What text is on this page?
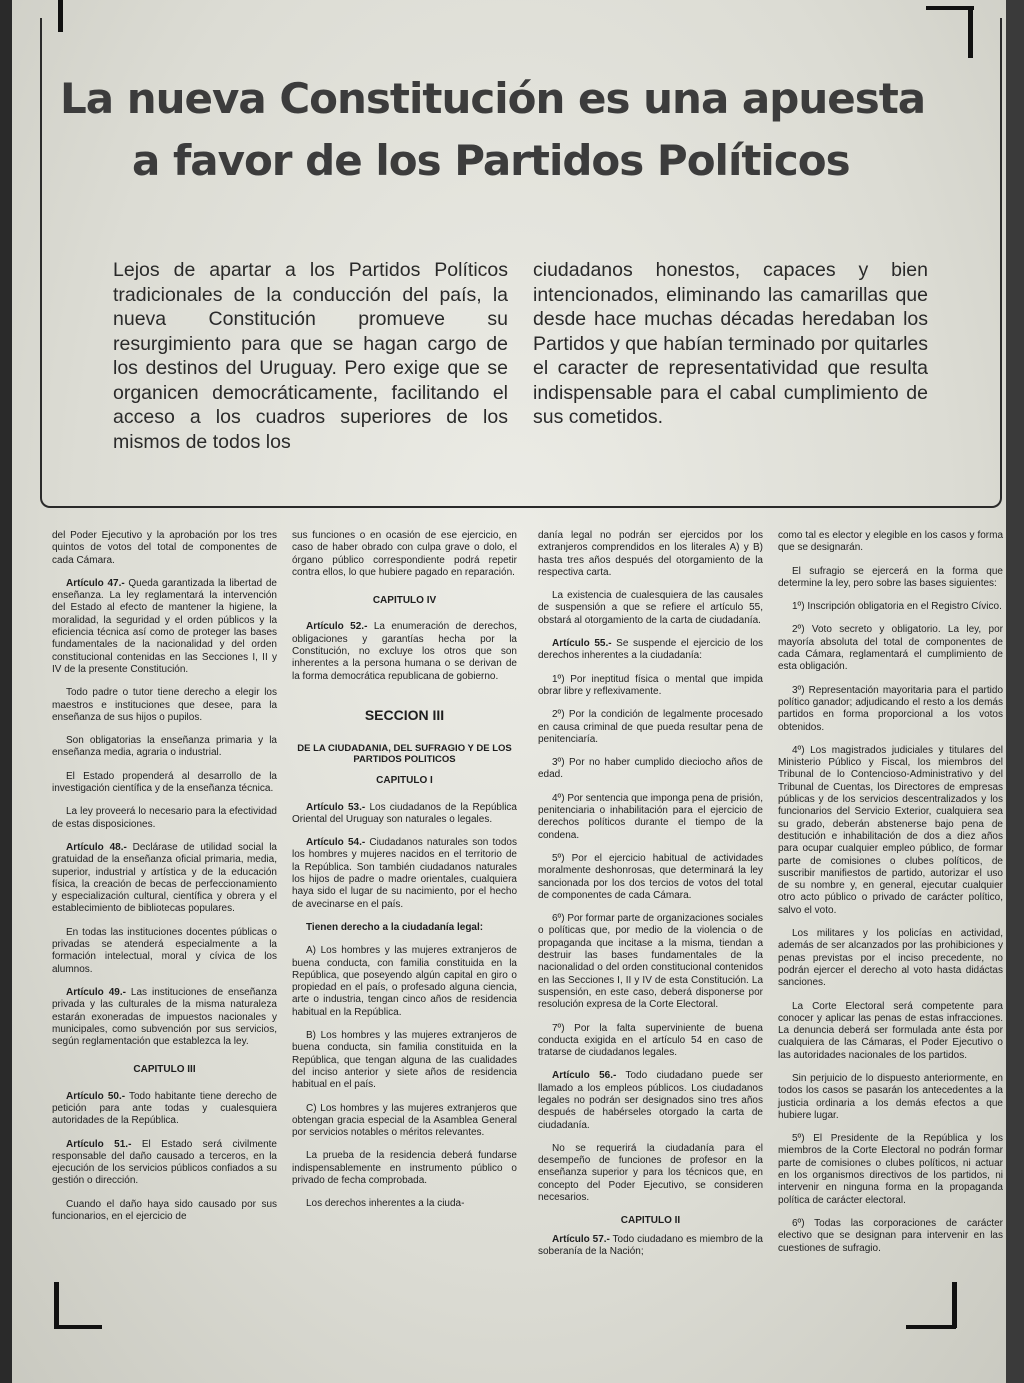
La nueva Constitución es una apuesta
a favor de los Partidos Políticos
Lejos de apartar a los Partidos Políticos tradicionales de la conducción del país, la nueva Constitución promueve su resurgimiento para que se hagan cargo de los destinos del Uruguay. Pero exige que se organicen democráticamente, facilitando el acceso a los cuadros superiores de los mismos de todos los
ciudadanos honestos, capaces y bien intencionados, eliminando las camarillas que desde hace muchas décadas heredaban los Partidos y que habían terminado por quitarles el caracter de representatividad que resulta indispensable para el cabal cumplimiento de sus cometidos.

del Poder Ejecutivo y la aprobación por los tres quintos de votos del total de componentes de cada Cámara.

Artículo 47.- Queda garantizada la libertad de enseñanza. La ley reglamentará la intervención del Estado al efecto de mantener la higiene, la moralidad, la seguridad y el orden públicos y la eficiencia técnica así como de proteger las bases fundamentales de la nacionalidad y del orden constitucional contenidas en las Secciones I, II y IV de la presente Constitución.

Todo padre o tutor tiene derecho a elegir los maestros e instituciones que desee, para la enseñanza de sus hijos o pupilos.

Son obligatorias la enseñanza primaria y la enseñanza media, agraria o industrial.

El Estado propenderá al desarrollo de la investigación científica y de la enseñanza técnica.

La ley proveerá lo necesario para la efectividad de estas disposiciones.

Artículo 48.- Declárase de utilidad social la gratuidad de la enseñanza oficial primaria, media, superior, industrial y artística y de la educación física, la creación de becas de perfeccionamiento y especialización cultural, científica y obrera y el establecimiento de bibliotecas populares.

En todas las instituciones docentes públicas o privadas se atenderá especialmente a la formación intelectual, moral y cívica de los alumnos.

Artículo 49.- Las instituciones de enseñanza privada y las culturales de la misma naturaleza estarán exoneradas de impuestos nacionales y municipales, como subvención por sus servicios, según reglamentación que establezca la ley.

CAPITULO III

Artículo 50.- Todo habitante tiene derecho de petición para ante todas y cualesquiera autoridades de la República.

Artículo 51.- El Estado será civilmente responsable del daño causado a terceros, en la ejecución de los servicios públicos confiados a su gestión o dirección.

Cuando el daño haya sido causado por sus funcionarios, en el ejercicio de

sus funciones o en ocasión de ese ejercicio, en caso de haber obrado con culpa grave o dolo, el órgano público correspondiente podrá repetir contra ellos, lo que hubiere pagado en reparación.

CAPITULO IV

Artículo 52.- La enumeración de derechos, obligaciones y garantías hecha por la Constitución, no excluye los otros que son inherentes a la persona humana o se derivan de la forma democrática republicana de gobierno.

SECCION III

DE LA CIUDADANIA, DEL SUFRAGIO Y DE LOS PARTIDOS POLITICOS

CAPITULO I

Artículo 53.- Los ciudadanos de la República Oriental del Uruguay son naturales o legales.

Artículo 54.- Ciudadanos naturales son todos los hombres y mujeres nacidos en el territorio de la República. Son también ciudadanos naturales los hijos de padre o madre orientales, cualquiera haya sido el lugar de su nacimiento, por el hecho de avecinarse en el país.

Tienen derecho a la ciudadanía legal:

A) Los hombres y las mujeres extranjeros de buena conducta, con familia constituida en la República, que poseyendo algún capital en giro o propiedad en el país, o profesado alguna ciencia, arte o industria, tengan cinco años de residencia habitual en la República.

B) Los hombres y las mujeres extranjeros de buena conducta, sin familia constituida en la República, que tengan alguna de las cualidades del inciso anterior y siete años de residencia habitual en el país.

C) Los hombres y las mujeres extranjeros que obtengan gracia especial de la Asamblea General por servicios notables o méritos relevantes.

La prueba de la residencia deberá fundarse indispensablemente en instrumento público o privado de fecha comprobada.

Los derechos inherentes a la ciuda-

danía legal no podrán ser ejercidos por los extranjeros comprendidos en los literales A) y B) hasta tres años después del otorgamiento de la respectiva carta.

La existencia de cualesquiera de las causales de suspensión a que se refiere el artículo 55, obstará al otorgamiento de la carta de ciudadanía.

Artículo 55.- Se suspende el ejercicio de los derechos inherentes a la ciudadanía:

1º) Por ineptitud física o mental que impida obrar libre y reflexivamente.

2º) Por la condición de legalmente procesado en causa criminal de que pueda resultar pena de penitenciaría.

3º) Por no haber cumplido dieciocho años de edad.

4º) Por sentencia que imponga pena de prisión, penitenciaria o inhabilitación para el ejercicio de derechos políticos durante el tiempo de la condena.

5º) Por el ejercicio habitual de actividades moralmente deshonrosas, que determinará la ley sancionada por los dos tercios de votos del total de componentes de cada Cámara.

6º) Por formar parte de organizaciones sociales o políticas que, por medio de la violencia o de propaganda que incitase a la misma, tiendan a destruir las bases fundamentales de la nacionalidad o del orden constitucional contenidos en las Secciones I, II y IV de esta Constitución. La suspensión, en este caso, deberá disponerse por resolución expresa de la Corte Electoral.

7º) Por la falta superviniente de buena conducta exigida en el artículo 54 en caso de tratarse de ciudadanos legales.

Artículo 56.- Todo ciudadano puede ser llamado a los empleos públicos. Los ciudadanos legales no podrán ser designados sino tres años después de habérseles otorgado la carta de ciudadanía.

No se requerirá la ciudadanía para el desempeño de funciones de profesor en la enseñanza superior y para los técnicos que, en concepto del Poder Ejecutivo, se consideren necesarios.

CAPITULO II

Artículo 57.- Todo ciudadano es miembro de la soberanía de la Nación;

como tal es elector y elegible en los casos y forma que se designarán.

El sufragio se ejercerá en la forma que determine la ley, pero sobre las bases siguientes:

1º) Inscripción obligatoria en el Registro Cívico.

2º) Voto secreto y obligatorio. La ley, por mayoría absoluta del total de componentes de cada Cámara, reglamentará el cumplimiento de esta obligación.

3º) Representación mayoritaria para el partido político ganador; adjudicando el resto a los demás partidos en forma proporcional a los votos obtenidos.

4º) Los magistrados judiciales y titulares del Ministerio Público y Fiscal, los miembros del Tribunal de lo Contencioso-Administrativo y del Tribunal de Cuentas, los Directores de empresas públicas y de los servicios descentralizados y los funcionarios del Servicio Exterior, cualquiera sea su grado, deberán abstenerse bajo pena de destitución e inhabilitación de dos a diez años para ocupar cualquier empleo público, de formar parte de comisiones o clubes políticos, de suscribir manifiestos de partido, autorizar el uso de su nombre y, en general, ejecutar cualquier otro acto público o privado de carácter político, salvo el voto.

Los militares y los policías en actividad, además de ser alcanzados por las prohibiciones y penas previstas por el inciso precedente, no podrán ejercer el derecho al voto hasta didáctas sanciones.

La Corte Electoral será competente para conocer y aplicar las penas de estas infracciones. La denuncia deberá ser formulada ante ésta por cualquiera de las Cámaras, el Poder Ejecutivo o las autoridades nacionales de los partidos.

Sin perjuicio de lo dispuesto anteriormente, en todos los casos se pasarán los antecedentes a la justicia ordinaria a los demás efectos a que hubiere lugar.

5º) El Presidente de la República y los miembros de la Corte Electoral no podrán formar parte de comisiones o clubes políticos, ni actuar en los organismos directivos de los partidos, ni intervenir en ninguna forma en la propaganda política de carácter electoral.

6º) Todas las corporaciones de carácter electivo que se designan para intervenir en las cuestiones de sufragio.
